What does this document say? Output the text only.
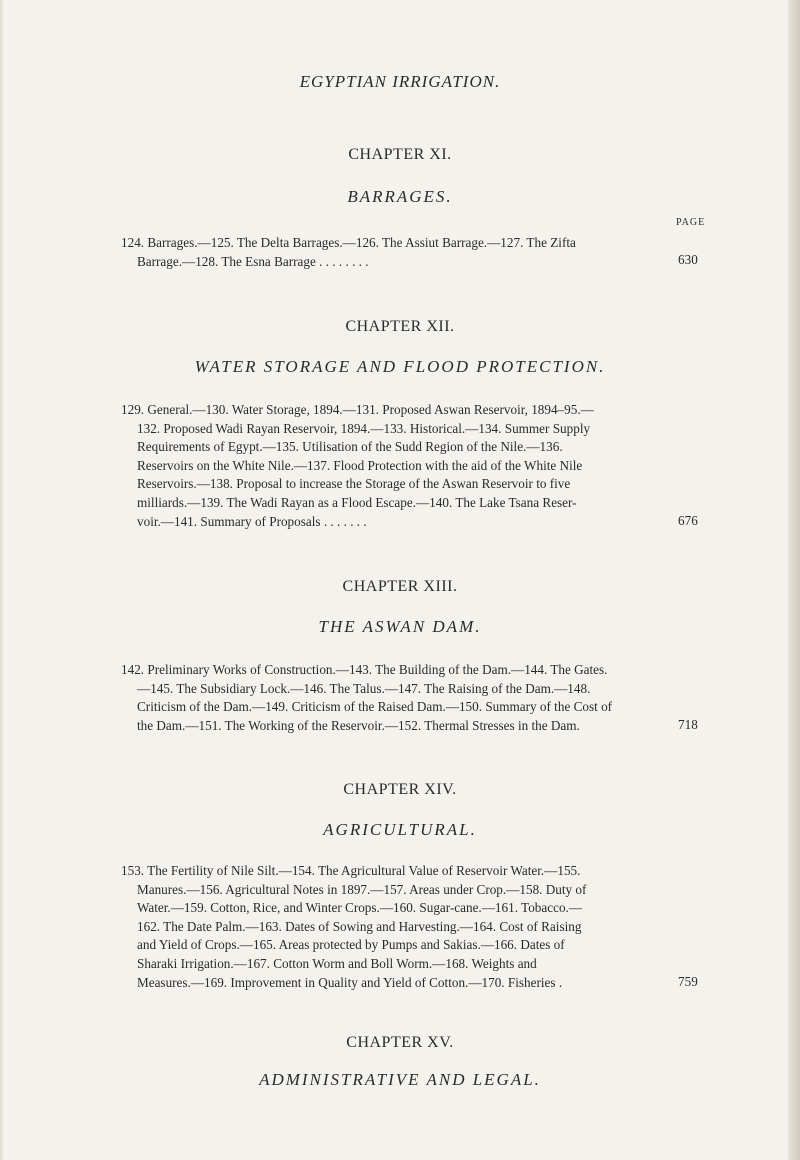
EGYPTIAN IRRIGATION.
PAGE
CHAPTER XI.
BARRAGES.
124. Barrages.—125. The Delta Barrages.—126. The Assiut Barrage.—127. The Zifta
Barrage.—128. The Esna Barrage . . . . . . . .	630
CHAPTER XII.
WATER STORAGE AND FLOOD PROTECTION.
129. General.—130. Water Storage, 1894.—131. Proposed Aswan Reservoir, 1894–95.—
132. Proposed Wadi Rayan Reservoir, 1894.—133. Historical.—134. Summer Supply
Requirements of Egypt.—135. Utilisation of the Sudd Region of the Nile.—136.
Reservoirs on the White Nile.—137. Flood Protection with the aid of the White Nile
Reservoirs.—138. Proposal to increase the Storage of the Aswan Reservoir to five
milliards.—139. The Wadi Rayan as a Flood Escape.—140. The Lake Tsana Reser-
voir.—141. Summary of Proposals . . . . . . .	676
CHAPTER XIII.
THE ASWAN DAM.
142. Preliminary Works of Construction.—143. The Building of the Dam.—144. The Gates.
—145. The Subsidiary Lock.—146. The Talus.—147. The Raising of the Dam.—148.
Criticism of the Dam.—149. Criticism of the Raised Dam.—150. Summary of the Cost of
the Dam.—151. The Working of the Reservoir.—152. Thermal Stresses in the Dam.	718
CHAPTER XIV.
AGRICULTURAL.
153. The Fertility of Nile Silt.—154. The Agricultural Value of Reservoir Water.—155.
Manures.—156. Agricultural Notes in 1897.—157. Areas under Crop.—158. Duty of
Water.—159. Cotton, Rice, and Winter Crops.—160. Sugar-cane.—161. Tobacco.—
162. The Date Palm.—163. Dates of Sowing and Harvesting.—164. Cost of Raising
and Yield of Crops.—165. Areas protected by Pumps and Sakias.—166. Dates of
Sharaki Irrigation.—167. Cotton Worm and Boll Worm.—168. Weights and
Measures.—169. Improvement in Quality and Yield of Cotton.—170. Fisheries .	759
CHAPTER XV.
ADMINISTRATIVE AND LEGAL.
